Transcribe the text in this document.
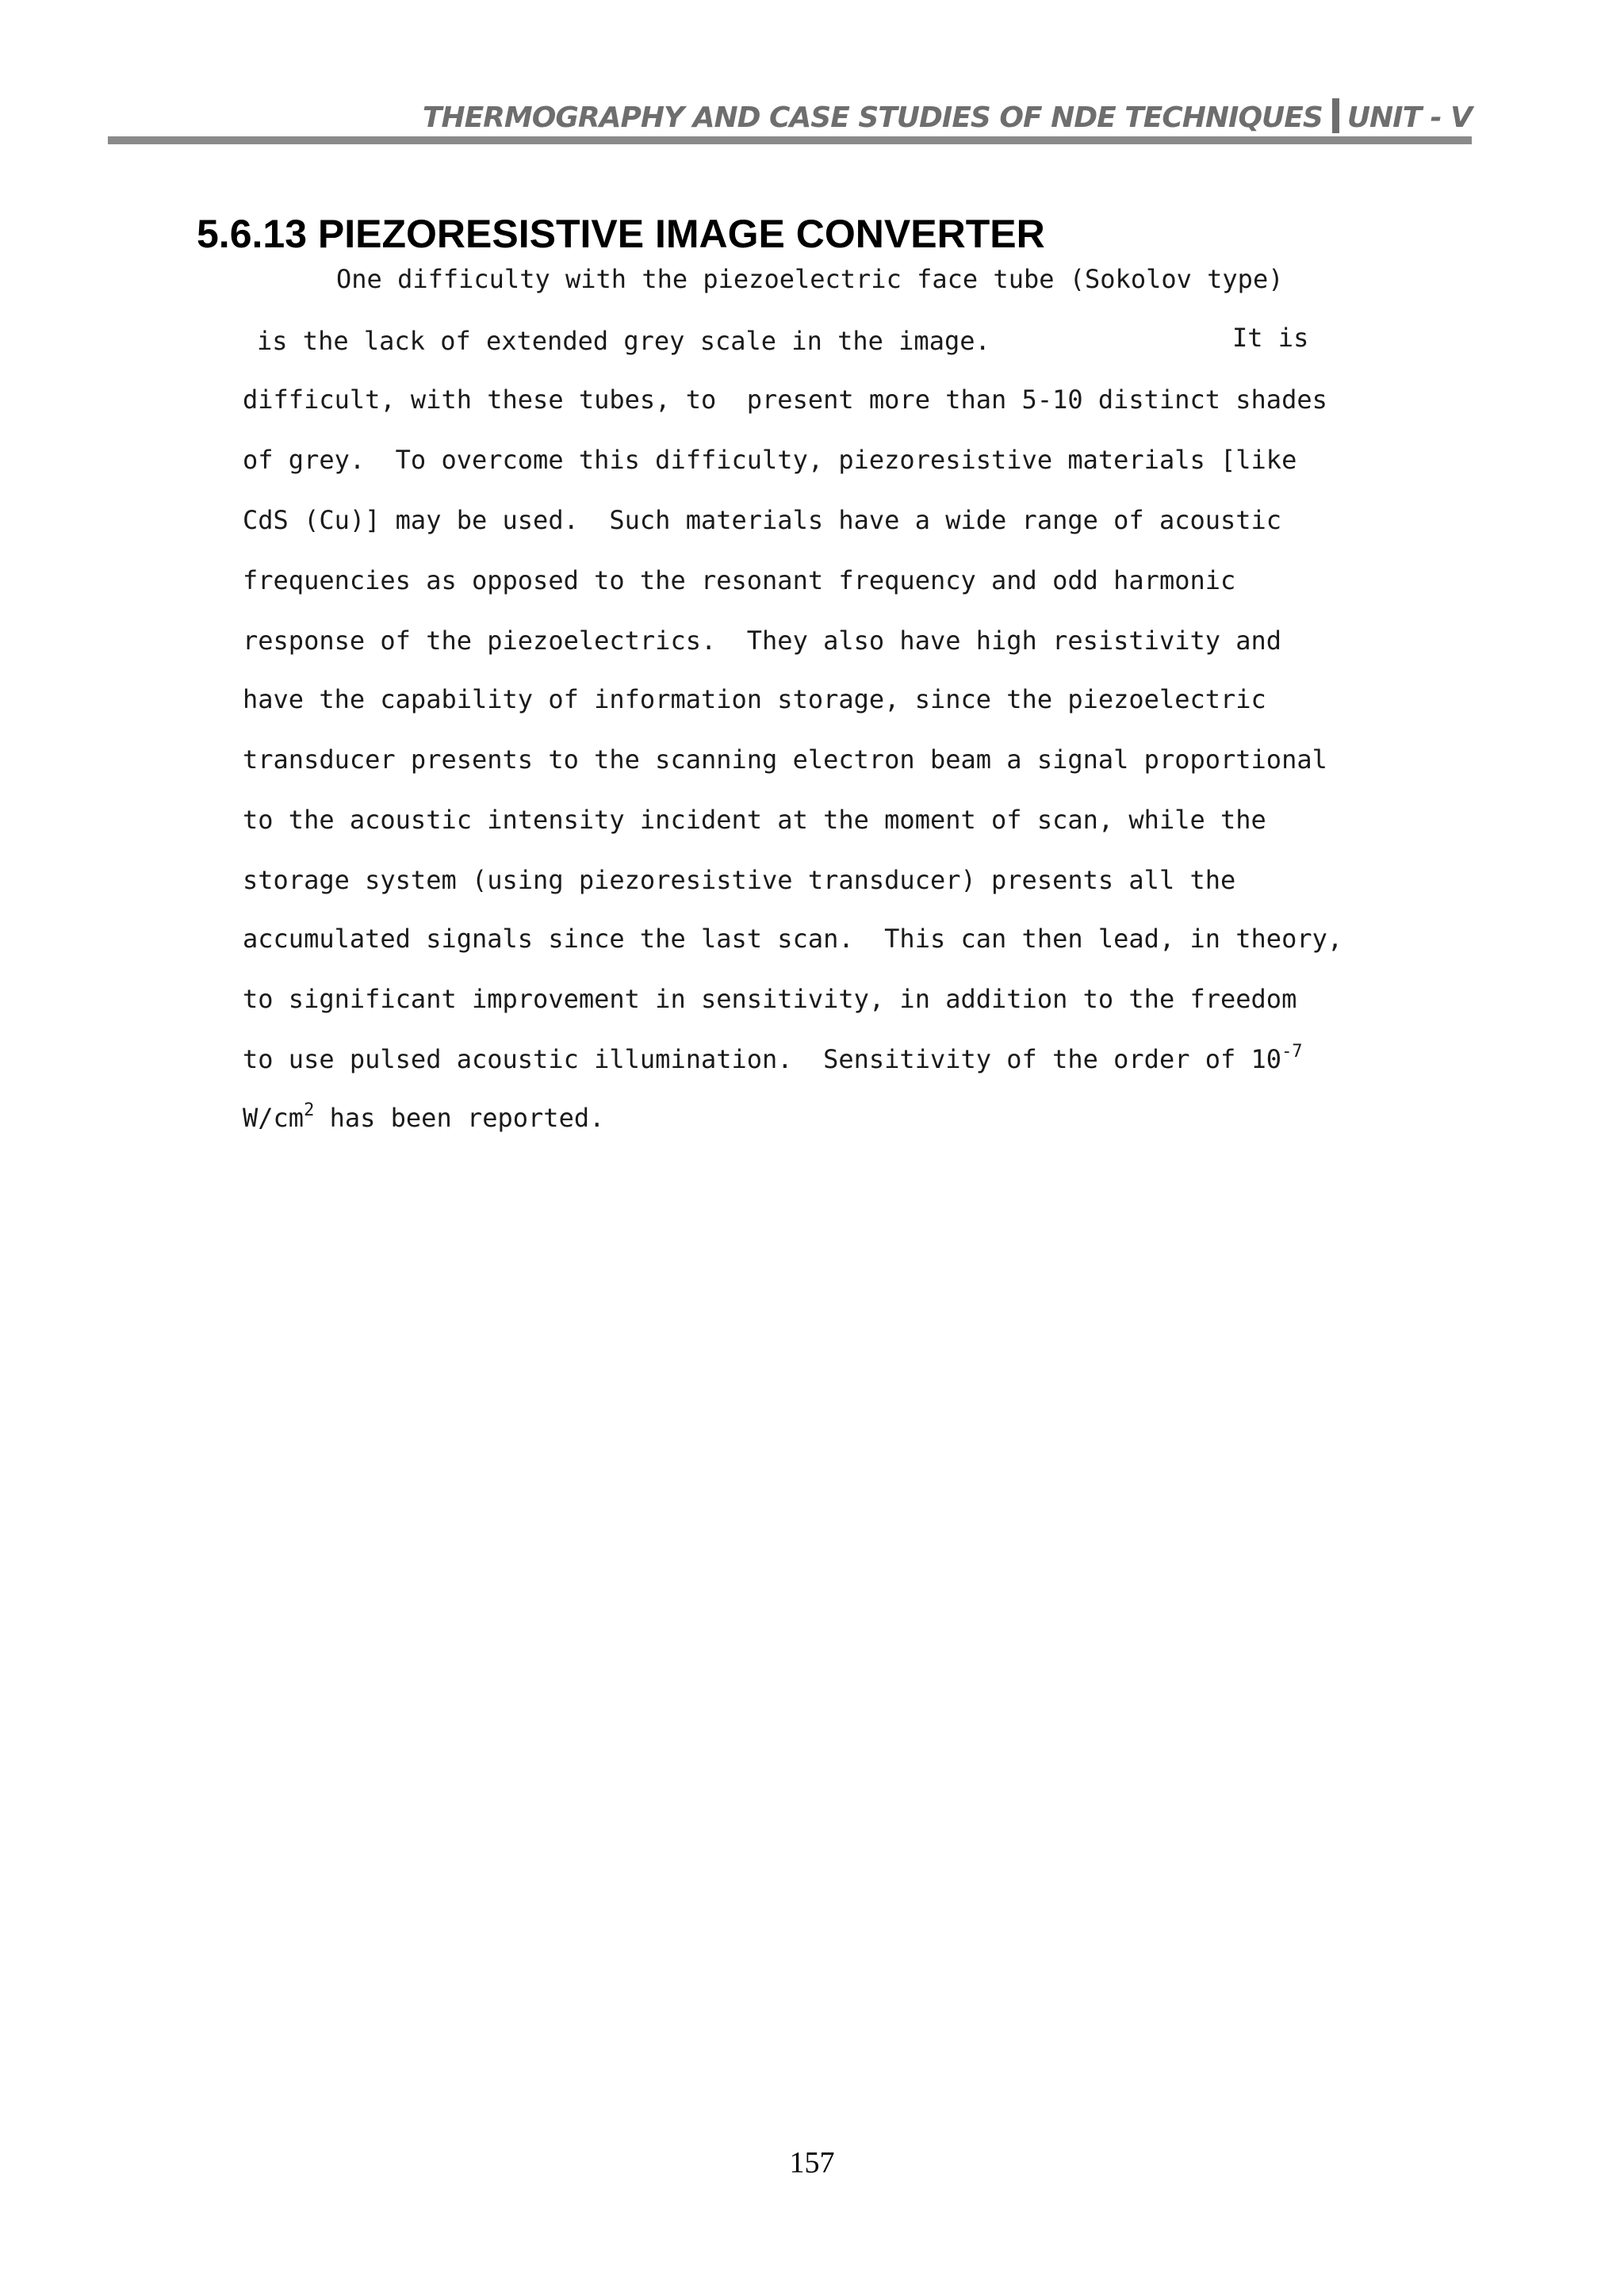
THERMOGRAPHY AND CASE STUDIES OF NDE TECHNIQUES UNIT - V
5.6.13 PIEZORESISTIVE IMAGE CONVERTER
One difficulty with the piezoelectric face tube (Sokolov type)
is the lack of extended grey scale in the image.	It is
difficult, with these tubes, to  present more than 5-10 distinct shades
of grey.  To overcome this difficulty, piezoresistive materials [like
CdS (Cu)] may be used.  Such materials have a wide range of acoustic
frequencies as opposed to the resonant frequency and odd harmonic
response of the piezoelectrics.  They also have high resistivity and
have the capability of information storage, since the piezoelectric
transducer presents to the scanning electron beam a signal proportional
to the acoustic intensity incident at the moment of scan, while the
storage system (using piezoresistive transducer) presents all the
accumulated signals since the last scan.  This can then lead, in theory,
to significant improvement in sensitivity, in addition to the freedom
to use pulsed acoustic illumination.  Sensitivity of the order of $10^{-7}$
$W/cm^2$ has been reported.
157
